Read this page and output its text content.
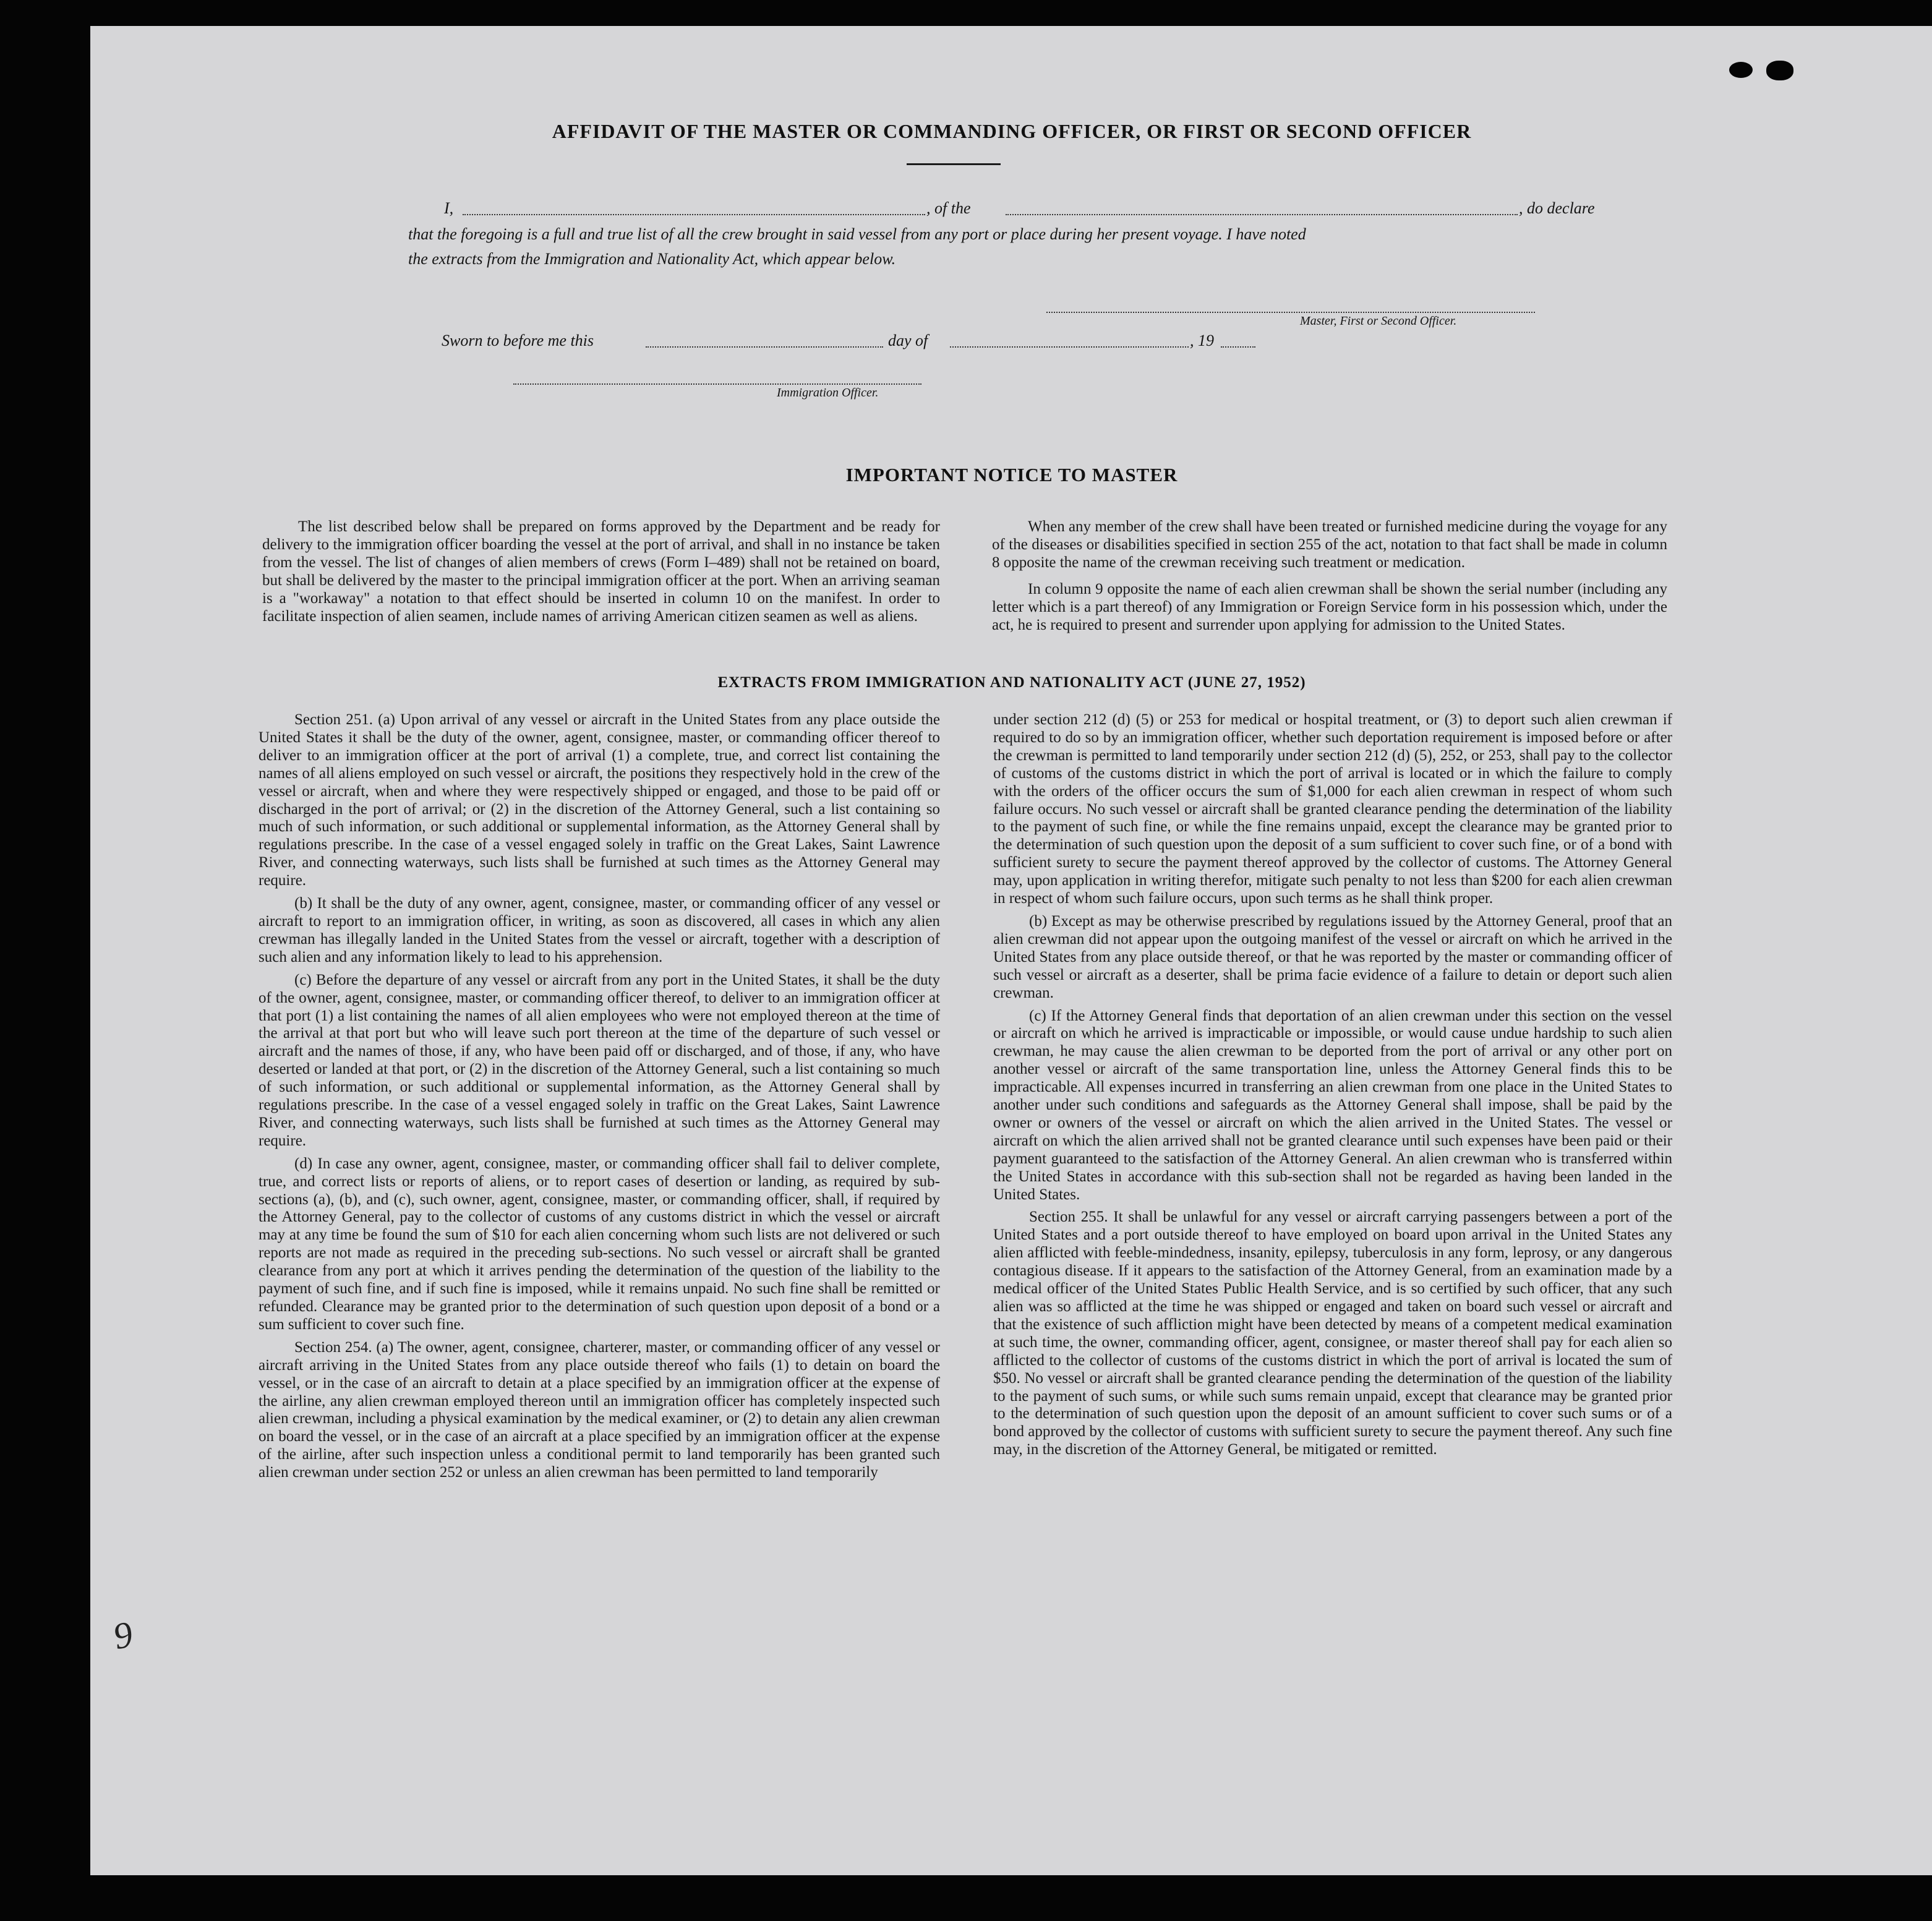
AFFIDAVIT OF THE MASTER OR COMMANDING OFFICER, OR FIRST OR SECOND OFFICER
I,	, of the	, do declare
that the foregoing is a full and true list of all the crew brought in said vessel from any port or place during her present voyage. I have noted
the extracts from the Immigration and Nationality Act, which appear below.
Master, First or Second Officer.
Sworn to before me this	day of	, 19
Immigration Officer.
IMPORTANT NOTICE TO MASTER

The list described below shall be prepared on forms approved by the Department and be ready for delivery to the immigration officer boarding the vessel at the port of arrival, and shall in no instance be taken from the vessel. The list of changes of alien members of crews (Form I–489) shall not be retained on board, but shall be delivered by the master to the principal immigration officer at the port. When an arriving seaman is a "workaway" a notation to that effect should be inserted in column 10 on the manifest. In order to facilitate inspection of alien seamen, include names of arriving American citizen seamen as well as aliens.

When any member of the crew shall have been treated or furnished medicine during the voyage for any of the diseases or disabilities specified in section 255 of the act, notation to that fact shall be made in column 8 opposite the name of the crewman receiving such treatment or medication.

In column 9 opposite the name of each alien crewman shall be shown the serial number (including any letter which is a part thereof) of any Immigration or Foreign Service form in his possession which, under the act, he is required to present and surrender upon applying for admission to the United States.

EXTRACTS FROM IMMIGRATION AND NATIONALITY ACT (JUNE 27, 1952)

Section 251. (a) Upon arrival of any vessel or aircraft in the United States from any place outside the United States it shall be the duty of the owner, agent, consignee, master, or commanding officer thereof to deliver to an immigration officer at the port of arrival (1) a complete, true, and correct list containing the names of all aliens employed on such vessel or aircraft, the positions they respectively hold in the crew of the vessel or aircraft, when and where they were respectively shipped or engaged, and those to be paid off or discharged in the port of arrival; or (2) in the discretion of the Attorney General, such a list containing so much of such information, or such additional or supplemental information, as the Attorney General shall by regulations prescribe. In the case of a vessel engaged solely in traffic on the Great Lakes, Saint Lawrence River, and connecting waterways, such lists shall be furnished at such times as the Attorney General may require.

(b) It shall be the duty of any owner, agent, consignee, master, or commanding officer of any vessel or aircraft to report to an immigration officer, in writing, as soon as discovered, all cases in which any alien crewman has illegally landed in the United States from the vessel or aircraft, together with a description of such alien and any information likely to lead to his apprehension.

(c) Before the departure of any vessel or aircraft from any port in the United States, it shall be the duty of the owner, agent, consignee, master, or commanding officer thereof, to deliver to an immigration officer at that port (1) a list containing the names of all alien employees who were not employed thereon at the time of the arrival at that port but who will leave such port thereon at the time of the departure of such vessel or aircraft and the names of those, if any, who have been paid off or discharged, and of those, if any, who have deserted or landed at that port, or (2) in the discretion of the Attorney General, such a list containing so much of such information, or such additional or supplemental information, as the Attorney General shall by regulations prescribe. In the case of a vessel engaged solely in traffic on the Great Lakes, Saint Lawrence River, and connecting waterways, such lists shall be furnished at such times as the Attorney General may require.

(d) In case any owner, agent, consignee, master, or commanding officer shall fail to deliver complete, true, and correct lists or reports of aliens, or to report cases of desertion or landing, as required by sub-sections (a), (b), and (c), such owner, agent, consignee, master, or commanding officer, shall, if required by the Attorney General, pay to the collector of customs of any customs district in which the vessel or aircraft may at any time be found the sum of $10 for each alien concerning whom such lists are not delivered or such reports are not made as required in the preceding sub-sections. No such vessel or aircraft shall be granted clearance from any port at which it arrives pending the determination of the question of the liability to the payment of such fine, and if such fine is imposed, while it remains unpaid. No such fine shall be remitted or refunded. Clearance may be granted prior to the determination of such question upon deposit of a bond or a sum sufficient to cover such fine.

Section 254. (a) The owner, agent, consignee, charterer, master, or commanding officer of any vessel or aircraft arriving in the United States from any place outside thereof who fails (1) to detain on board the vessel, or in the case of an aircraft to detain at a place specified by an immigration officer at the expense of the airline, any alien crewman employed thereon until an immigration officer has completely inspected such alien crewman, including a physical examination by the medical examiner, or (2) to detain any alien crewman on board the vessel, or in the case of an aircraft at a place specified by an immigration officer at the expense of the airline, after such inspection unless a conditional permit to land temporarily has been granted such alien crewman under section 252 or unless an alien crewman has been permitted to land temporarily

under section 212 (d) (5) or 253 for medical or hospital treatment, or (3) to deport such alien crewman if required to do so by an immigration officer, whether such deportation requirement is imposed before or after the crewman is permitted to land temporarily under section 212 (d) (5), 252, or 253, shall pay to the collector of customs of the customs district in which the port of arrival is located or in which the failure to comply with the orders of the officer occurs the sum of $1,000 for each alien crewman in respect of whom such failure occurs. No such vessel or aircraft shall be granted clearance pending the determination of the liability to the payment of such fine, or while the fine remains unpaid, except the clearance may be granted prior to the determination of such question upon the deposit of a sum sufficient to cover such fine, or of a bond with sufficient surety to secure the payment thereof approved by the collector of customs. The Attorney General may, upon application in writing therefor, mitigate such penalty to not less than $200 for each alien crewman in respect of whom such failure occurs, upon such terms as he shall think proper.

(b) Except as may be otherwise prescribed by regulations issued by the Attorney General, proof that an alien crewman did not appear upon the outgoing manifest of the vessel or aircraft on which he arrived in the United States from any place outside thereof, or that he was reported by the master or commanding officer of such vessel or aircraft as a deserter, shall be prima facie evidence of a failure to detain or deport such alien crewman.

(c) If the Attorney General finds that deportation of an alien crewman under this section on the vessel or aircraft on which he arrived is impracticable or impossible, or would cause undue hardship to such alien crewman, he may cause the alien crewman to be deported from the port of arrival or any other port on another vessel or aircraft of the same transportation line, unless the Attorney General finds this to be impracticable. All expenses incurred in transferring an alien crewman from one place in the United States to another under such conditions and safeguards as the Attorney General shall impose, shall be paid by the owner or owners of the vessel or aircraft on which the alien arrived in the United States. The vessel or aircraft on which the alien arrived shall not be granted clearance until such expenses have been paid or their payment guaranteed to the satisfaction of the Attorney General. An alien crewman who is transferred within the United States in accordance with this sub-section shall not be regarded as having been landed in the United States.

Section 255. It shall be unlawful for any vessel or aircraft carrying passengers between a port of the United States and a port outside thereof to have employed on board upon arrival in the United States any alien afflicted with feeble-mindedness, insanity, epilepsy, tuberculosis in any form, leprosy, or any dangerous contagious disease. If it appears to the satisfaction of the Attorney General, from an examination made by a medical officer of the United States Public Health Service, and is so certified by such officer, that any such alien was so afflicted at the time he was shipped or engaged and taken on board such vessel or aircraft and that the existence of such affliction might have been detected by means of a competent medical examination at such time, the owner, commanding officer, agent, consignee, or master thereof shall pay for each alien so afflicted to the collector of customs of the customs district in which the port of arrival is located the sum of $50. No vessel or aircraft shall be granted clearance pending the determination of the question of the liability to the payment of such sums, or while such sums remain unpaid, except that clearance may be granted prior to the determination of such question upon the deposit of an amount sufficient to cover such sums or of a bond approved by the collector of customs with sufficient surety to secure the payment thereof. Any such fine may, in the discretion of the Attorney General, be mitigated or remitted.

9
